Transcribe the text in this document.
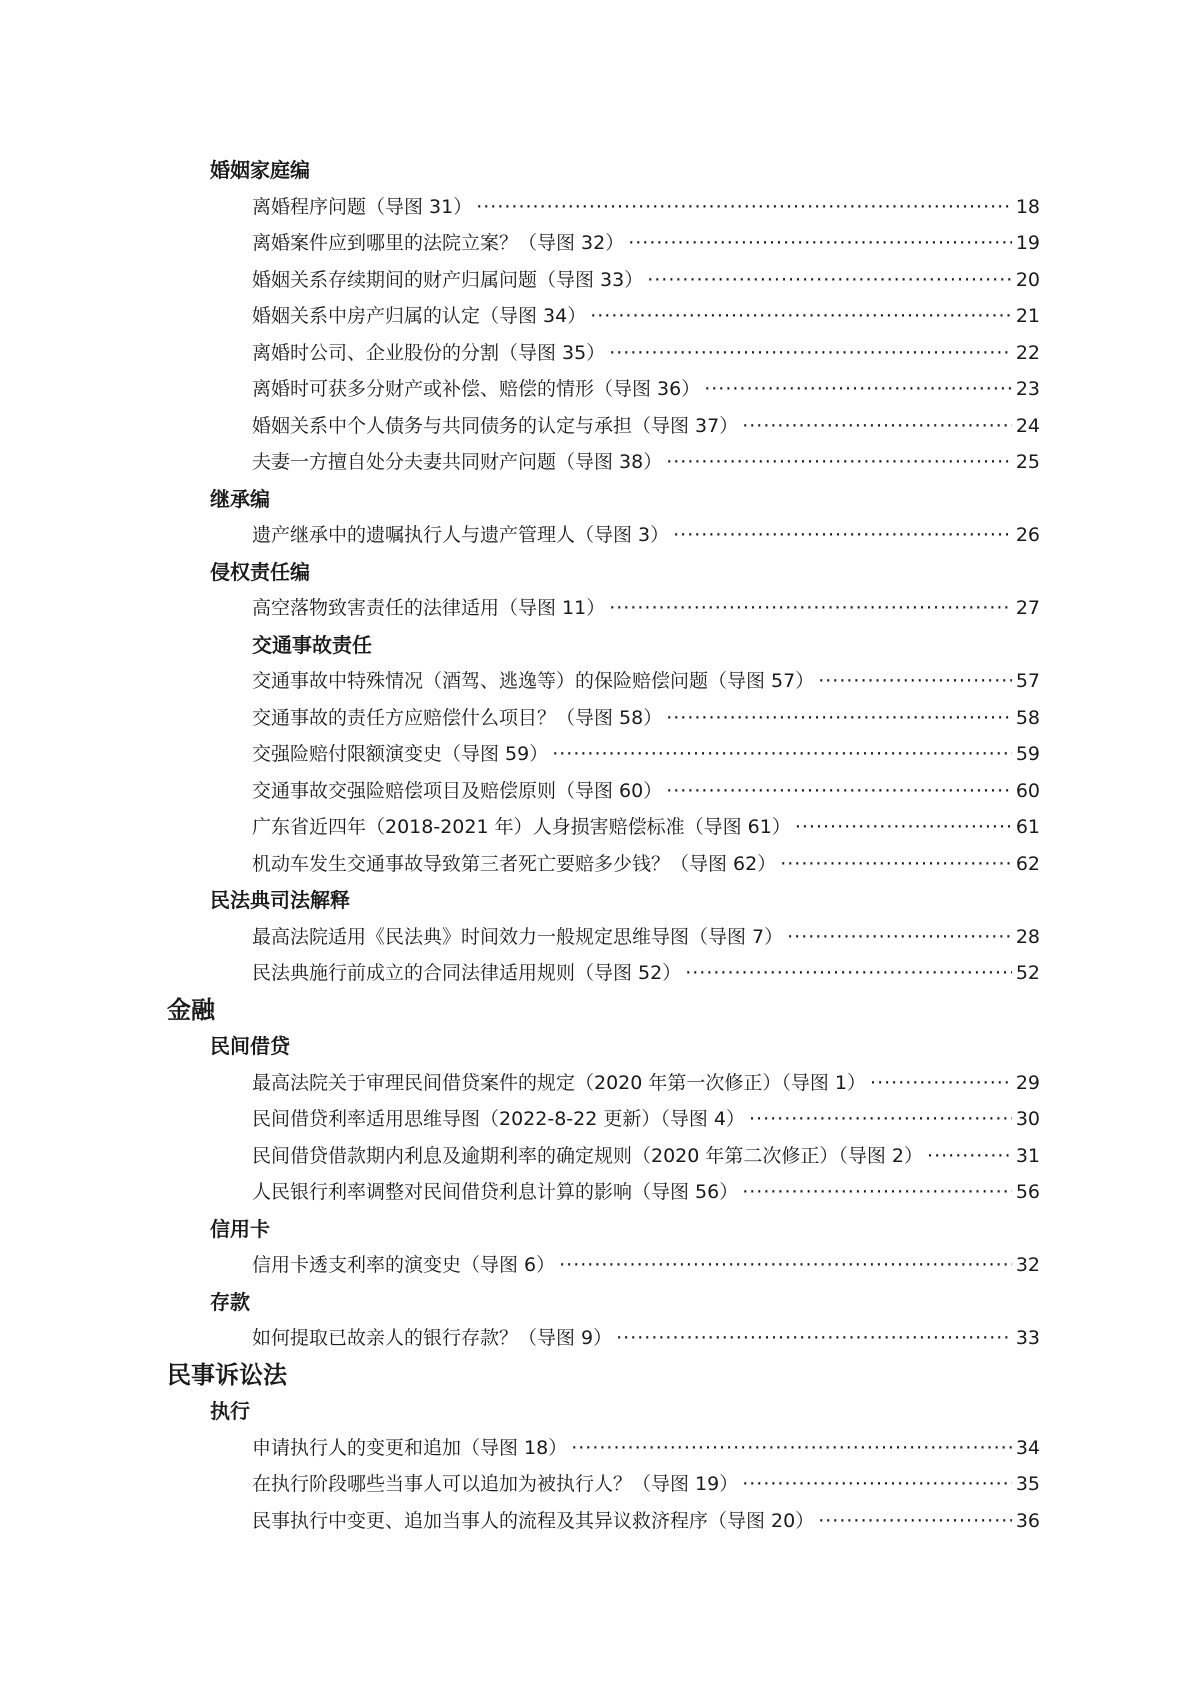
婚姻家庭编
离婚程序问题（导图 31） ·····	18
离婚案件应到哪里的法院立案？（导图 32） ·····	19
婚姻关系存续期间的财产归属问题（导图 33） ·····	20
婚姻关系中房产归属的认定（导图 34） ·····	21
离婚时公司、企业股份的分割（导图 35） ·····	22
离婚时可获多分财产或补偿、赔偿的情形（导图 36） ·····	23
婚姻关系中个人债务与共同债务的认定与承担（导图 37） ·····	24
夫妻一方擅自处分夫妻共同财产问题（导图 38） ·····	25
继承编
遗产继承中的遗嘱执行人与遗产管理人（导图 3） ·····	26
侵权责任编
高空落物致害责任的法律适用（导图 11） ·····	27
交通事故责任
交通事故中特殊情况（酒驾、逃逸等）的保险赔偿问题（导图 57） ·····	57
交通事故的责任方应赔偿什么项目？（导图 58） ·····	58
交强险赔付限额演变史（导图 59） ·····	59
交通事故交强险赔偿项目及赔偿原则（导图 60） ·····	60
广东省近四年（2018-2021 年）人身损害赔偿标准（导图 61） ·····	61
机动车发生交通事故导致第三者死亡要赔多少钱？（导图 62） ·····	62
民法典司法解释
最高法院适用《民法典》时间效力一般规定思维导图（导图 7） ·····	28
民法典施行前成立的合同法律适用规则（导图 52） ·····	52
金融
民间借贷
最高法院关于审理民间借贷案件的规定（2020 年第一次修正）（导图 1） ·····	29
民间借贷利率适用思维导图（2022-8-22 更新）（导图 4） ·····	30
民间借贷借款期内利息及逾期利率的确定规则（2020 年第二次修正）（导图 2） ·····	31
人民银行利率调整对民间借贷利息计算的影响（导图 56） ·····	56
信用卡
信用卡透支利率的演变史（导图 6） ·····	32
存款
如何提取已故亲人的银行存款？（导图 9） ·····	33
民事诉讼法
执行
申请执行人的变更和追加（导图 18） ·····	34
在执行阶段哪些当事人可以追加为被执行人？（导图 19） ·····	35
民事执行中变更、追加当事人的流程及其异议救济程序（导图 20） ·····	36
